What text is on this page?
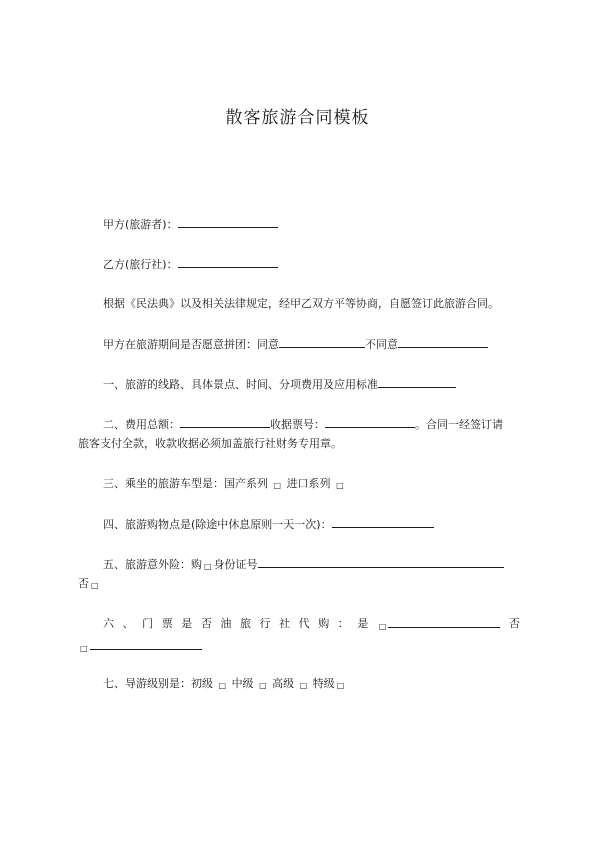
散客旅游合同模板
甲方(旅游者)：
乙方(旅行社)：
根据《民法典》以及相关法律规定，经甲乙双方平等协商，自愿签订此旅游合同。
甲方在旅游期间是否愿意拼团：同意	不同意
一、旅游的线路、具体景点、时间、分项费用及应用标准
二、费用总额：	收据票号：	。合同一经签订请
旅客支付全款，收款收据必须加盖旅行社财务专用章。
三、乘坐的旅游车型是：国产系列 □ 进口系列 □
四、旅游购物点是(除途中休息原则一天一次)：
五、旅游意外险：购 □ 身份证号
否 □
六 、 门 票 是 否 油 旅 行 社 代 购 ： 是 □	否
□
七、导游级别是：初级 □ 中级 □ 高级 □ 特级 □
